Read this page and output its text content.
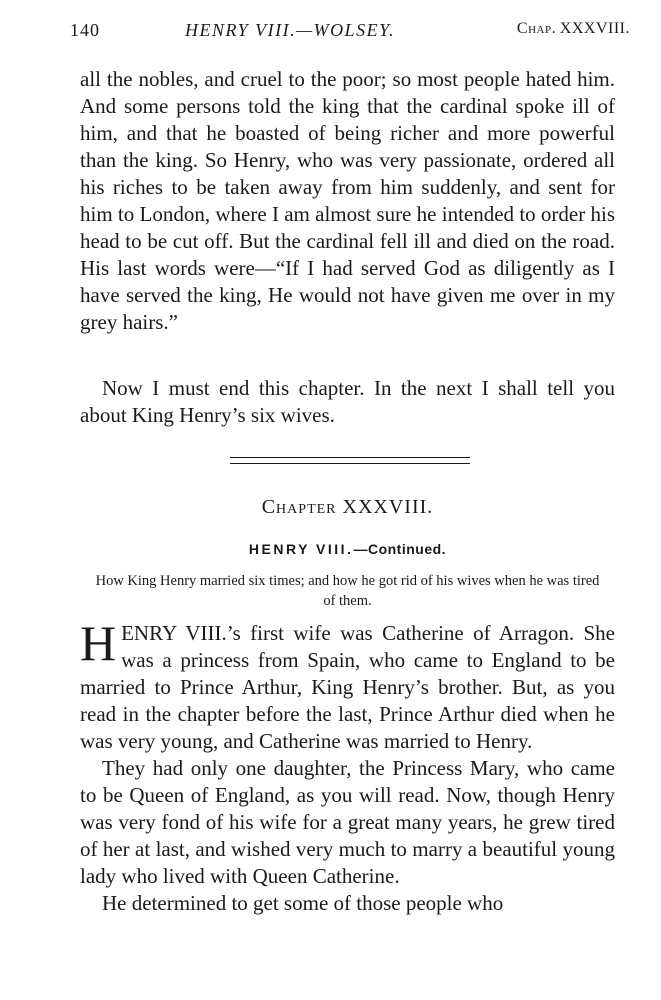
140	HENRY VIII.—WOLSEY.	Chap.  XXXVIII.

all the nobles, and cruel to the poor; so most people hated him. And some persons told the king that the cardinal spoke ill of him, and that he boasted of being richer and more powerful than the king. So Henry, who was very passionate, ordered all his riches to be taken away from him suddenly, and sent for him to London, where I am almost sure he intended to order his head to be cut off. But the cardinal fell ill and died on the road. His last words were—“If I had served God as diligently as I have served the king, He would not have given me over in my grey hairs.”

Now I must end this chapter. In the next I shall tell you about King Henry’s six wives.

Chapter XXXVIII.
HENRY VIII.—Continued.
How King Henry married six times; and how he got rid of his wives when he was tired of them.

HENRY VIII.’s first wife was Catherine of Arragon. She was a princess from Spain, who came to England to be married to Prince Arthur, King Henry’s brother. But, as you read in the chapter before the last, Prince Arthur died when he was very young, and Catherine was married to Henry.

They had only one daughter, the Princess Mary, who came to be Queen of England, as you will read. Now, though Henry was very fond of his wife for a great many years, he grew tired of her at last, and wished very much to marry a beautiful young lady who lived with Queen Catherine.

He determined to get some of those people who
